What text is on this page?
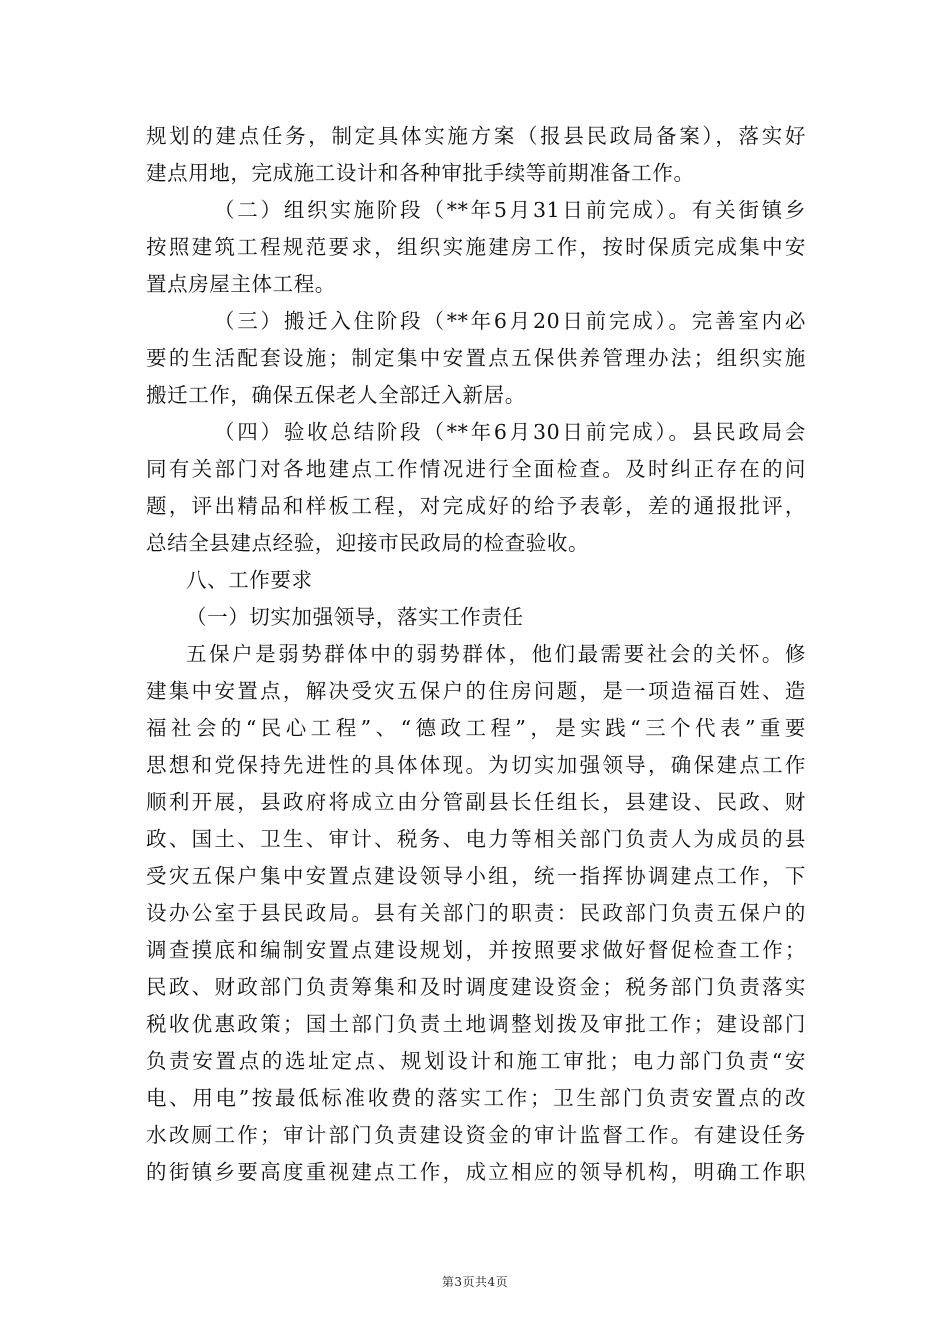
规划的建点任务，制定具体实施方案（报县民政局备案），落实好
建点用地，完成施工设计和各种审批手续等前期准备工作。
（二）组织实施阶段（**年5月31日前完成）。有关街镇乡
按照建筑工程规范要求，组织实施建房工作，按时保质完成集中安
置点房屋主体工程。
（三）搬迁入住阶段（**年6月20日前完成）。完善室内必
要的生活配套设施；制定集中安置点五保供养管理办法；组织实施
搬迁工作，确保五保老人全部迁入新居。
（四）验收总结阶段（**年6月30日前完成）。县民政局会
同有关部门对各地建点工作情况进行全面检查。及时纠正存在的问
题，评出精品和样板工程，对完成好的给予表彰，差的通报批评，
总结全县建点经验，迎接市民政局的检查验收。
八、工作要求
（一）切实加强领导，落实工作责任
五保户是弱势群体中的弱势群体，他们最需要社会的关怀。修
建集中安置点，解决受灾五保户的住房问题，是一项造福百姓、造
福社会的“民心工程”、“德政工程”，是实践“三个代表”重要
思想和党保持先进性的具体体现。为切实加强领导，确保建点工作
顺利开展，县政府将成立由分管副县长任组长，县建设、民政、财
政、国土、卫生、审计、税务、电力等相关部门负责人为成员的县
受灾五保户集中安置点建设领导小组，统一指挥协调建点工作，下
设办公室于县民政局。县有关部门的职责：民政部门负责五保户的
调查摸底和编制安置点建设规划，并按照要求做好督促检查工作；
民政、财政部门负责筹集和及时调度建设资金；税务部门负责落实
税收优惠政策；国土部门负责土地调整划拨及审批工作；建设部门
负责安置点的选址定点、规划设计和施工审批；电力部门负责“安
电、用电”按最低标准收费的落实工作；卫生部门负责安置点的改
水改厕工作；审计部门负责建设资金的审计监督工作。有建设任务
的街镇乡要高度重视建点工作，成立相应的领导机构，明确工作职
第3页共4页
